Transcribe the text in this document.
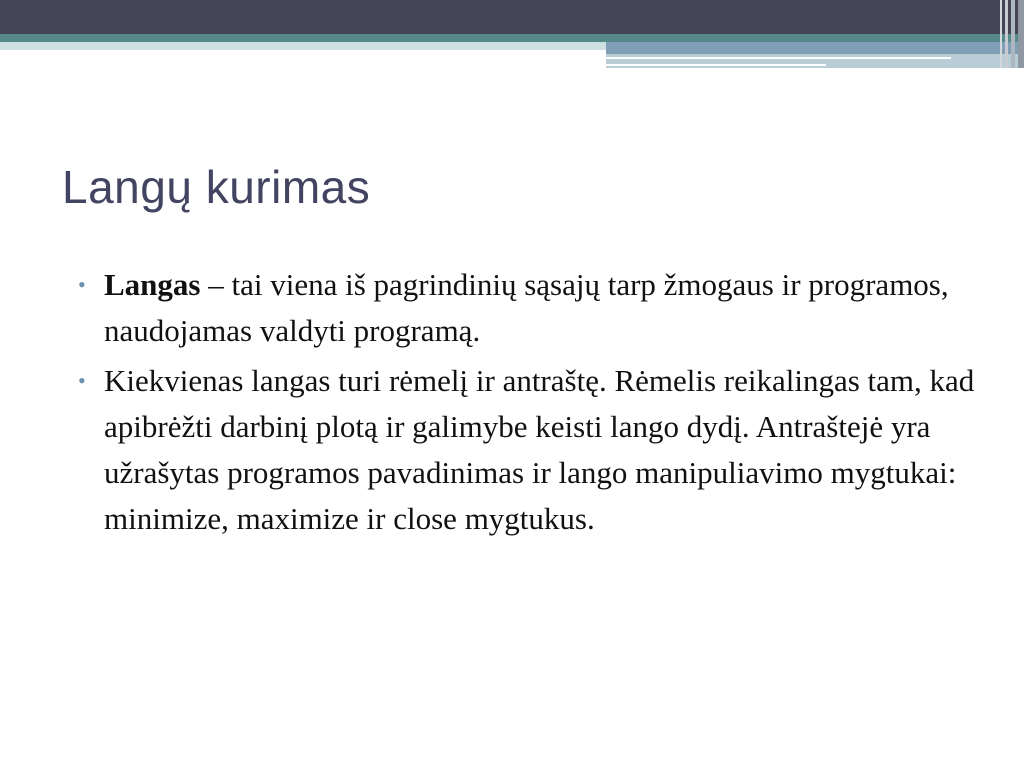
Langų kurimas
• Langas – tai viena iš pagrindinių sąsajų tarp žmogaus ir programos, naudojamas valdyti programą.
• Kiekvienas langas turi rėmelį ir antraštę. Rėmelis reikalingas tam, kad apibrėžti darbinį plotą ir galimybe keisti lango dydį. Antraštejė yra užrašytas programos pavadinimas ir lango manipuliavimo mygtukai: minimize, maximize ir close mygtukus.
